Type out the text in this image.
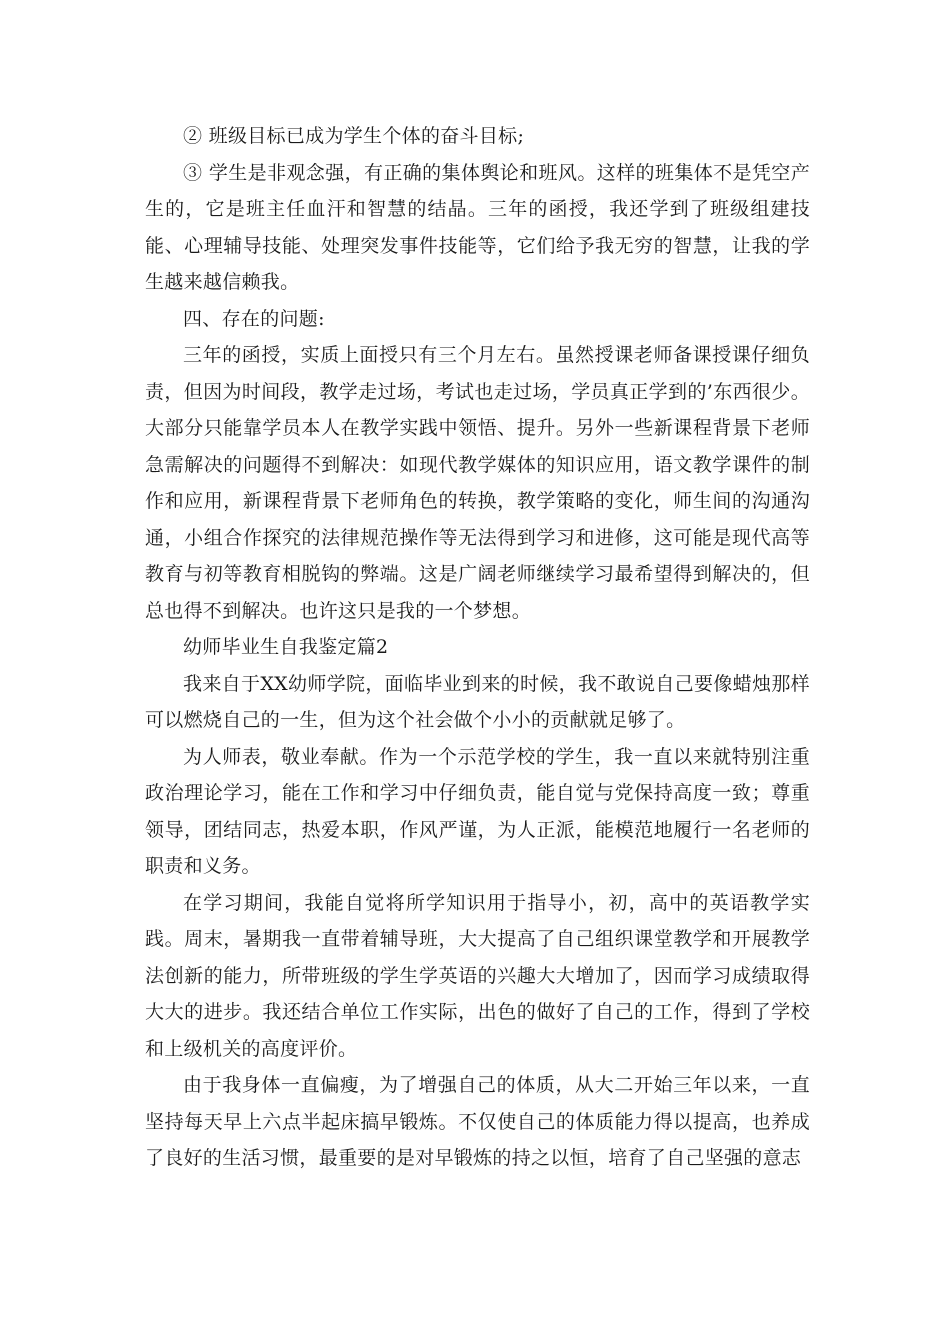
② 班级目标已成为学生个体的奋斗目标;

③ 学生是非观念强，有正确的集体舆论和班风。这样的班集体不是凭空产生的，它是班主任血汗和智慧的结晶。三年的函授，我还学到了班级组建技能、心理辅导技能、处理突发事件技能等，它们给予我无穷的智慧，让我的学生越来越信赖我。

四、存在的问题:

三年的函授，实质上面授只有三个月左右。虽然授课老师备课授课仔细负责，但因为时间段，教学走过场，考试也走过场，学员真正学到的’东西很少。大部分只能靠学员本人在教学实践中领悟、提升。另外一些新课程背景下老师急需解决的问题得不到解决：如现代教学媒体的知识应用，语文教学课件的制作和应用，新课程背景下老师角色的转换，教学策略的变化，师生间的沟通沟通，小组合作探究的法律规范操作等无法得到学习和进修，这可能是现代高等教育与初等教育相脱钩的弊端。这是广阔老师继续学习最希望得到解决的，但总也得不到解决。也许这只是我的一个梦想。

幼师毕业生自我鉴定篇2

我来自于XX幼师学院，面临毕业到来的时候，我不敢说自己要像蜡烛那样可以燃烧自己的一生，但为这个社会做个小小的贡献就足够了。

为人师表，敬业奉献。作为一个示范学校的学生，我一直以来就特别注重政治理论学习，能在工作和学习中仔细负责，能自觉与党保持高度一致；尊重领导，团结同志，热爱本职，作风严谨，为人正派，能模范地履行一名老师的职责和义务。

在学习期间，我能自觉将所学知识用于指导小，初，高中的英语教学实践。周末，暑期我一直带着辅导班，大大提高了自己组织课堂教学和开展教学法创新的能力，所带班级的学生学英语的兴趣大大增加了，因而学习成绩取得大大的进步。我还结合单位工作实际，出色的做好了自己的工作，得到了学校和上级机关的高度评价。

由于我身体一直偏瘦，为了增强自己的体质，从大二开始三年以来，一直坚持每天早上六点半起床搞早锻炼。不仅使自己的体质能力得以提高，也养成了良好的生活习惯，最重要的是对早锻炼的持之以恒，培育了自己坚强的意志
